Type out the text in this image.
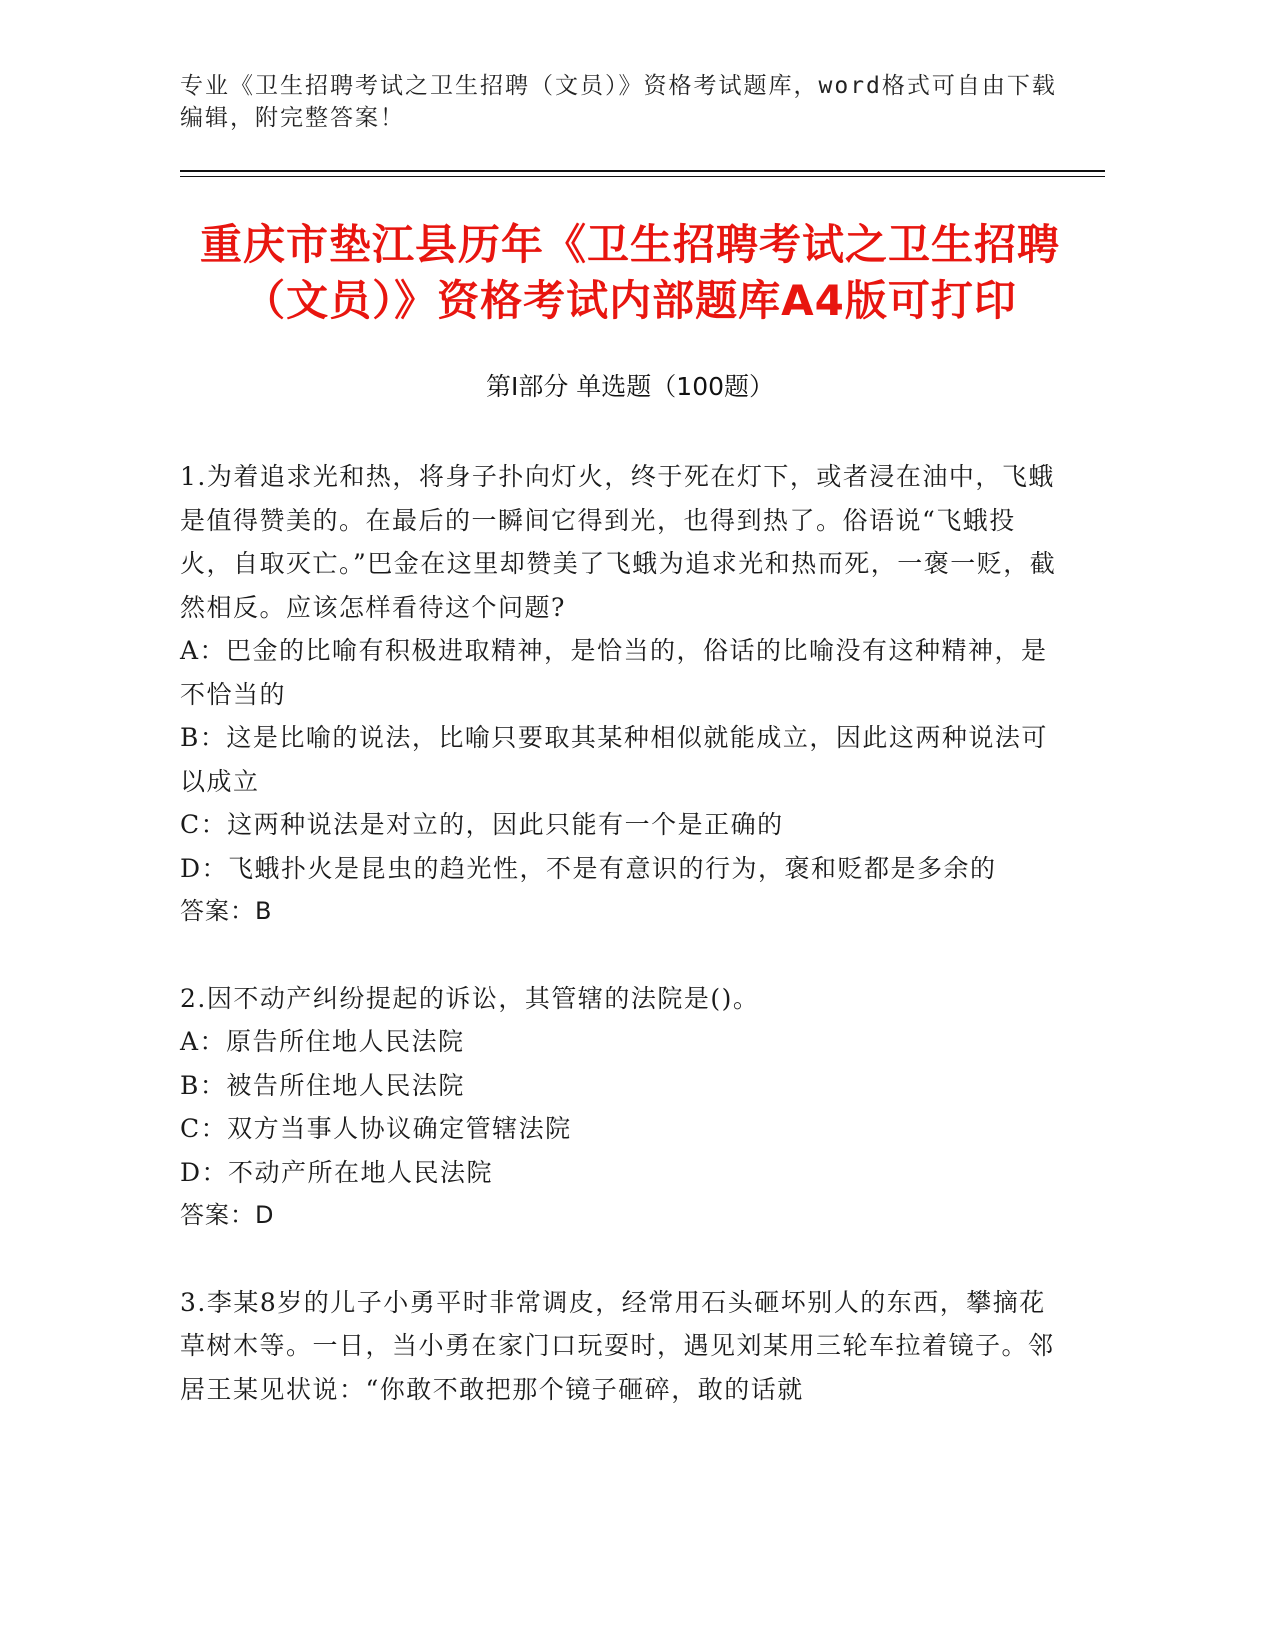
专业《卫生招聘考试之卫生招聘（文员）》资格考试题库，word格式可自由下载编辑，附完整答案！
重庆市垫江县历年《卫生招聘考试之卫生招聘（文员）》资格考试内部题库A4版可打印
第Ⅰ部分 单选题（100题）

1.为着追求光和热，将身子扑向灯火，终于死在灯下，或者浸在油中，飞蛾是值得赞美的。在最后的一瞬间它得到光，也得到热了。俗语说“飞蛾投火，自取灭亡。”巴金在这里却赞美了飞蛾为追求光和热而死，一褒一贬，截然相反。应该怎样看待这个问题?

A：巴金的比喻有积极进取精神，是恰当的，俗话的比喻没有这种精神，是不恰当的

B：这是比喻的说法，比喻只要取其某种相似就能成立，因此这两种说法可以成立

C：这两种说法是对立的，因此只能有一个是正确的

D：飞蛾扑火是昆虫的趋光性，不是有意识的行为，褒和贬都是多余的

答案：B

2.因不动产纠纷提起的诉讼，其管辖的法院是()。

A：原告所住地人民法院

B：被告所住地人民法院

C：双方当事人协议确定管辖法院

D：不动产所在地人民法院

答案：D

3.李某8岁的儿子小勇平时非常调皮，经常用石头砸坏别人的东西，攀摘花草树木等。一日，当小勇在家门口玩耍时，遇见刘某用三轮车拉着镜子。邻居王某见状说：“你敢不敢把那个镜子砸碎，敢的话就
